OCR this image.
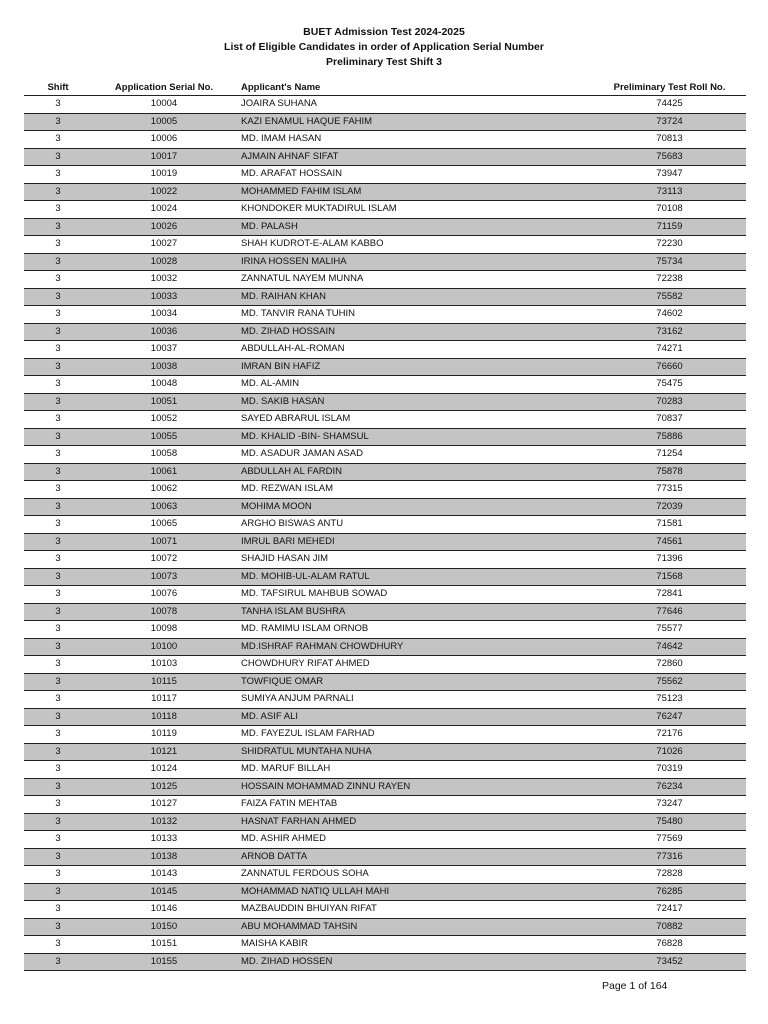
BUET Admission Test 2024-2025
List of Eligible Candidates in order of Application Serial Number
Preliminary Test Shift 3
Shift	Application Serial No.	Applicant's Name	Preliminary Test Roll No.
3	10004	JOAIRA SUHANA	74425
3	10005	KAZI ENAMUL HAQUE FAHIM	73724
3	10006	MD. IMAM HASAN	70813
3	10017	AJMAIN AHNAF SIFAT	75683
3	10019	MD. ARAFAT HOSSAIN	73947
3	10022	MOHAMMED FAHIM ISLAM	73113
3	10024	KHONDOKER MUKTADIRUL ISLAM	70108
3	10026	MD. PALASH	71159
3	10027	SHAH KUDROT-E-ALAM KABBO	72230
3	10028	IRINA HOSSEN MALIHA	75734
3	10032	ZANNATUL NAYEM MUNNA	72238
3	10033	MD. RAIHAN KHAN	75582
3	10034	MD. TANVIR RANA TUHIN	74602
3	10036	MD. ZIHAD HOSSAIN	73162
3	10037	ABDULLAH-AL-ROMAN	74271
3	10038	IMRAN BIN HAFIZ	76660
3	10048	MD. AL-AMIN	75475
3	10051	MD. SAKIB HASAN	70283
3	10052	SAYED ABRARUL ISLAM	70837
3	10055	MD. KHALID -BIN- SHAMSUL	75886
3	10058	MD. ASADUR JAMAN ASAD	71254
3	10061	ABDULLAH AL FARDIN	75878
3	10062	MD. REZWAN ISLAM	77315
3	10063	MOHIMA MOON	72039
3	10065	ARGHO BISWAS ANTU	71581
3	10071	IMRUL BARI MEHEDI	74561
3	10072	SHAJID HASAN JIM	71396
3	10073	MD. MOHIB-UL-ALAM RATUL	71568
3	10076	MD. TAFSIRUL MAHBUB SOWAD	72841
3	10078	TANHA ISLAM BUSHRA	77646
3	10098	MD. RAMIMU ISLAM ORNOB	75577
3	10100	MD.ISHRAF RAHMAN CHOWDHURY	74642
3	10103	CHOWDHURY RIFAT AHMED	72860
3	10115	TOWFIQUE OMAR	75562
3	10117	SUMIYA ANJUM PARNALI	75123
3	10118	MD. ASIF ALI	76247
3	10119	MD. FAYEZUL ISLAM FARHAD	72176
3	10121	SHIDRATUL MUNTAHA NUHA	71026
3	10124	MD. MARUF BILLAH	70319
3	10125	HOSSAIN MOHAMMAD ZINNU RAYEN	76234
3	10127	FAIZA FATIN MEHTAB	73247
3	10132	HASNAT FARHAN AHMED	75480
3	10133	MD. ASHIR AHMED	77569
3	10138	ARNOB DATTA	77316
3	10143	ZANNATUL FERDOUS SOHA	72828
3	10145	MOHAMMAD NATIQ ULLAH MAHI	76285
3	10146	MAZBAUDDIN BHUIYAN RIFAT	72417
3	10150	ABU MOHAMMAD TAHSIN	70882
3	10151	MAISHA KABIR	76828
3	10155	MD. ZIHAD HOSSEN	73452
Page 1 of 164
